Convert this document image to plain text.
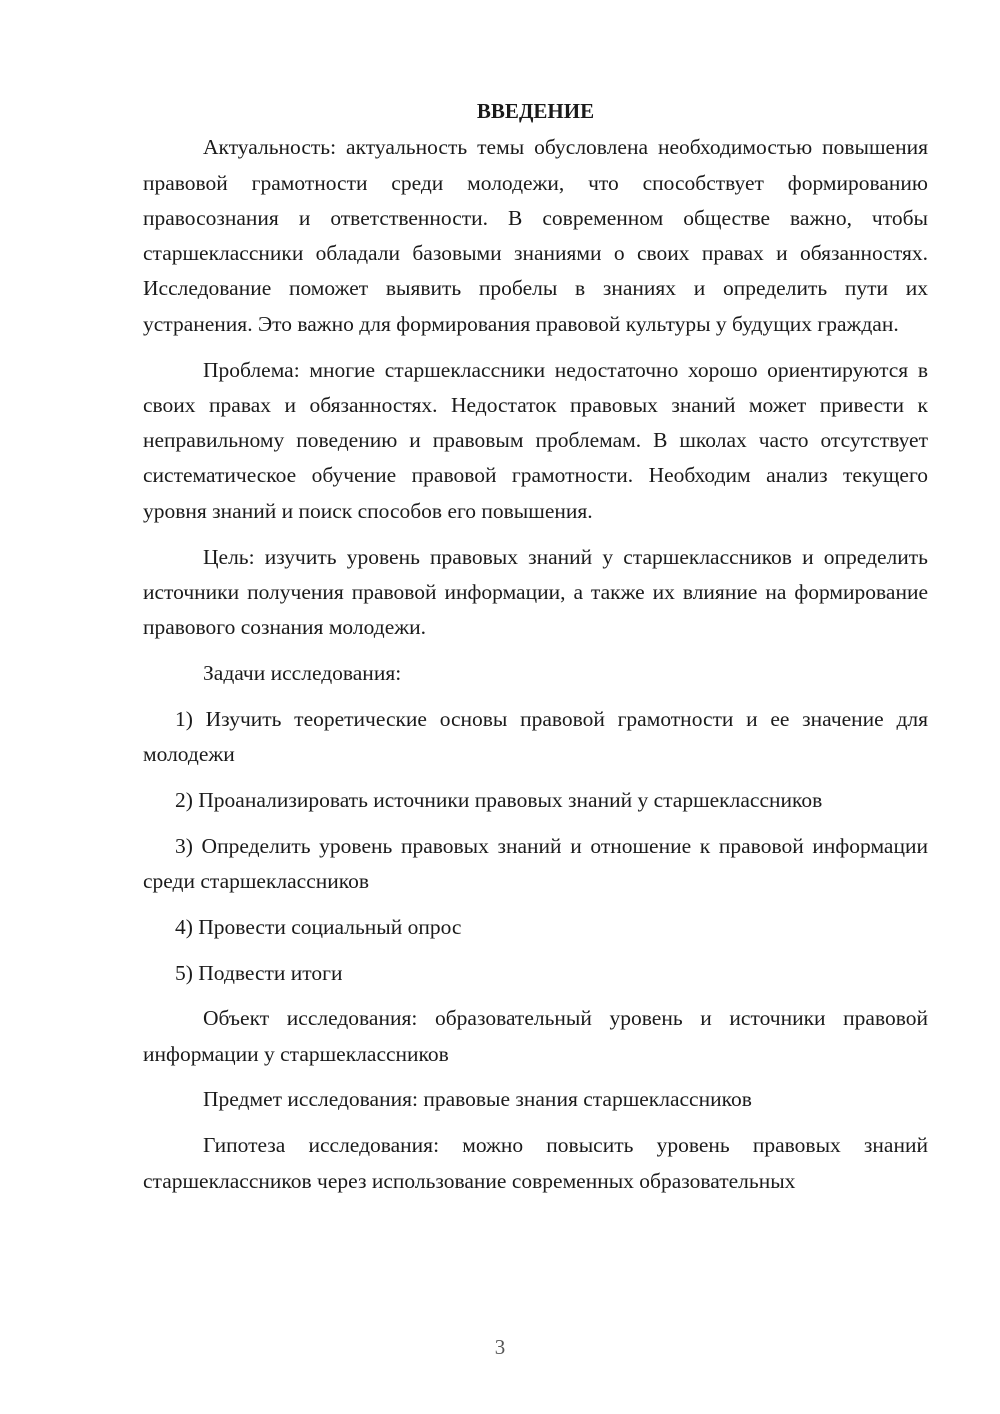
ВВЕДЕНИЕ

Актуальность: актуальность темы обусловлена необходимостью повышения правовой грамотности среди молодежи, что способствует формированию правосознания и ответственности. В современном обществе важно, чтобы старшеклассники обладали базовыми знаниями о своих правах и обязанностях. Исследование поможет выявить пробелы в знаниях и определить пути их устранения. Это важно для формирования правовой культуры у будущих граждан.

Проблема: многие старшеклассники недостаточно хорошо ориентируются в своих правах и обязанностях. Недостаток правовых знаний может привести к неправильному поведению и правовым проблемам. В школах часто отсутствует систематическое обучение правовой грамотности. Необходим анализ текущего уровня знаний и поиск способов его повышения.

Цель: изучить уровень правовых знаний у старшеклассников и определить источники получения правовой информации, а также их влияние на формирование правового сознания молодежи.

Задачи исследования:

1) Изучить теоретические основы правовой грамотности и ее значение для молодежи

2) Проанализировать источники правовых знаний у старшеклассников

3) Определить уровень правовых знаний и отношение к правовой информации среди старшеклассников

4) Провести социальный опрос

5) Подвести итоги

Объект исследования: образовательный уровень и источники правовой информации у старшеклассников

Предмет исследования: правовые знания старшеклассников

Гипотеза исследования: можно повысить уровень правовых знаний старшеклассников через использование современных образовательных

3
